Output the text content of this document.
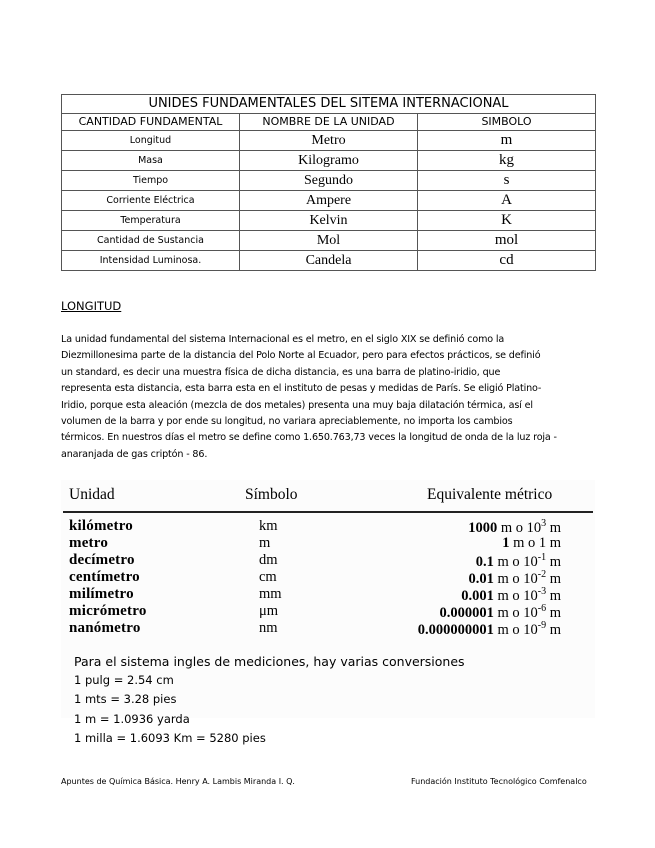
UNIDES FUNDAMENTALES DEL SITEMA INTERNACIONAL		
CANTIDAD FUNDAMENTAL	NOMBRE DE LA UNIDAD	SIMBOLO
Longitud	Metro	m
Masa	Kilogramo	kg
Tiempo	Segundo	s
Corriente Eléctrica	Ampere	A
Temperatura	Kelvin	K
Cantidad de Sustancia	Mol	mol
Intensidad Luminosa.	Candela	cd
LONGITUD
La unidad fundamental del sistema Internacional es el metro, en el siglo XIX se definió como la
Diezmillonesima parte de la distancia del Polo Norte al Ecuador, pero para efectos prácticos, se definió
un standard, es decir una muestra física de dicha distancia, es una barra de platino-iridio, que
representa esta distancia, esta barra esta en el instituto de pesas y medidas de París. Se eligió Platino-
Iridio, porque esta aleación (mezcla de dos metales) presenta una muy baja dilatación térmica, así el
volumen de la barra y por ende su longitud, no variara apreciablemente, no importa los cambios
térmicos. En nuestros días el metro se define como 1.650.763,73 veces la longitud de onda de la luz roja -
anaranjada de gas criptón - 86.
Unidad	Símbolo	Equivalente métrico
kilómetro	km	1000 m o $10^3$ m
metro	m	1 m o 1 m
decímetro	dm	0.1 m o $10^{-1}$ m
centímetro	cm	0.01 m o $10^{-2}$ m
milímetro	mm	0.001 m o $10^{-3}$ m
micrómetro	μm	0.000001 m o $10^{-6}$ m
nanómetro	nm	0.000000001 m o $10^{-9}$ m
Para el sistema ingles de mediciones, hay varias conversiones
1 pulg = 2.54 cm
1 mts = 3.28 pies
1 m = 1.0936 yarda
1 milla = 1.6093 Km = 5280 pies
Apuntes de Química Básica. Henry A. Lambis Miranda I. Q.	Fundación Instituto Tecnológico Comfenalco
